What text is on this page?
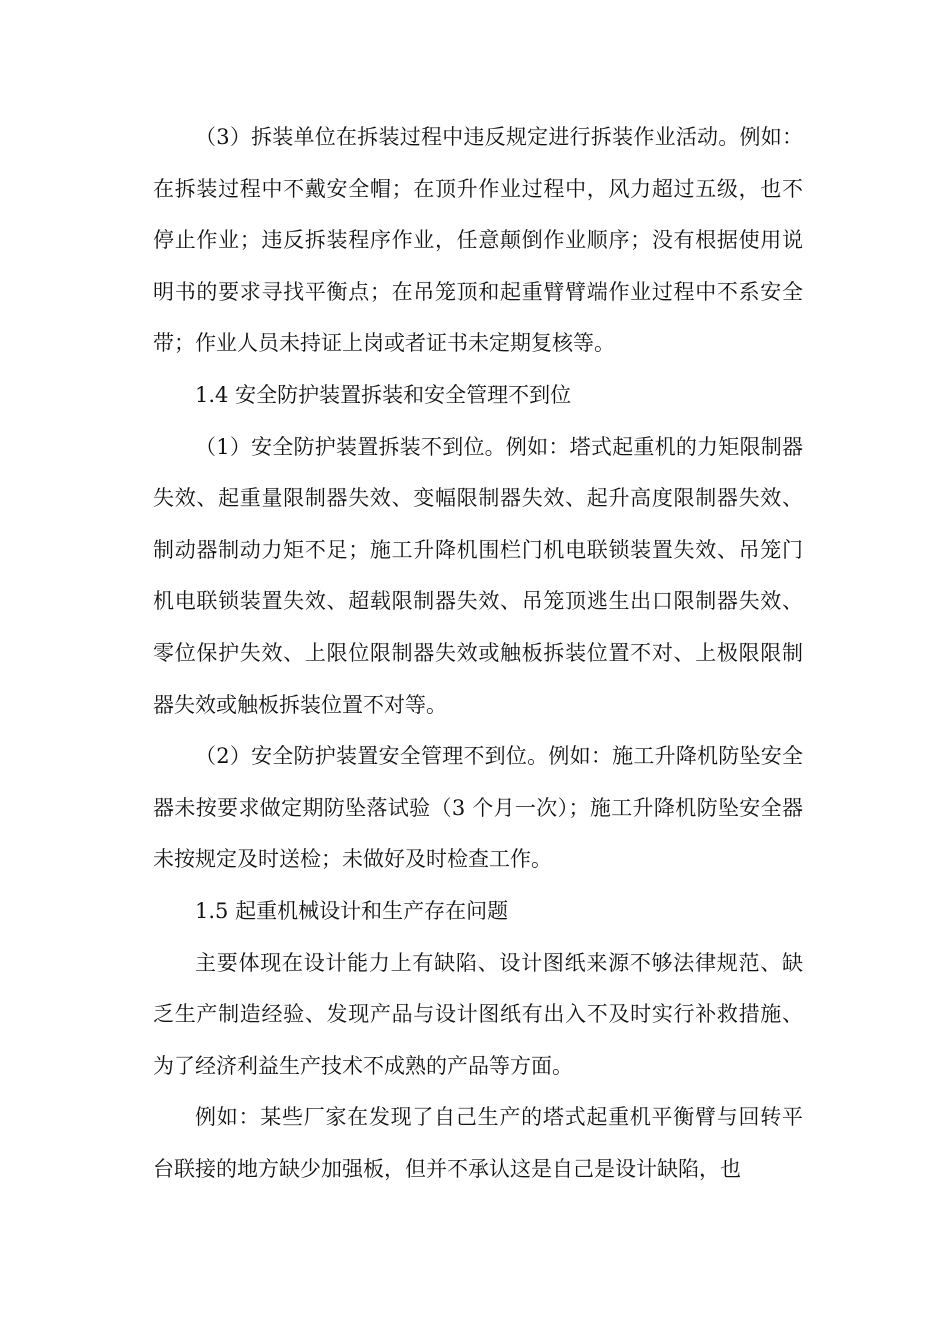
（3）拆装单位在拆装过程中违反规定进行拆装作业活动。例如：在拆装过程中不戴安全帽；在顶升作业过程中，风力超过五级，也不停止作业；违反拆装程序作业，任意颠倒作业顺序；没有根据使用说明书的要求寻找平衡点；在吊笼顶和起重臂臂端作业过程中不系安全带；作业人员未持证上岗或者证书未定期复核等。

1.4 安全防护装置拆装和安全管理不到位

（1）安全防护装置拆装不到位。例如：塔式起重机的力矩限制器失效、起重量限制器失效、变幅限制器失效、起升高度限制器失效、制动器制动力矩不足；施工升降机围栏门机电联锁装置失效、吊笼门机电联锁装置失效、超载限制器失效、吊笼顶逃生出口限制器失效、零位保护失效、上限位限制器失效或触板拆装位置不对、上极限限制器失效或触板拆装位置不对等。

（2）安全防护装置安全管理不到位。例如：施工升降机防坠安全器未按要求做定期防坠落试验（3 个月一次）；施工升降机防坠安全器未按规定及时送检；未做好及时检查工作。

1.5 起重机械设计和生产存在问题

主要体现在设计能力上有缺陷、设计图纸来源不够法律规范、缺乏生产制造经验、发现产品与设计图纸有出入不及时实行补救措施、为了经济利益生产技术不成熟的产品等方面。

例如：某些厂家在发现了自己生产的塔式起重机平衡臂与回转平台联接的地方缺少加强板，但并不承认这是自己是设计缺陷，也
